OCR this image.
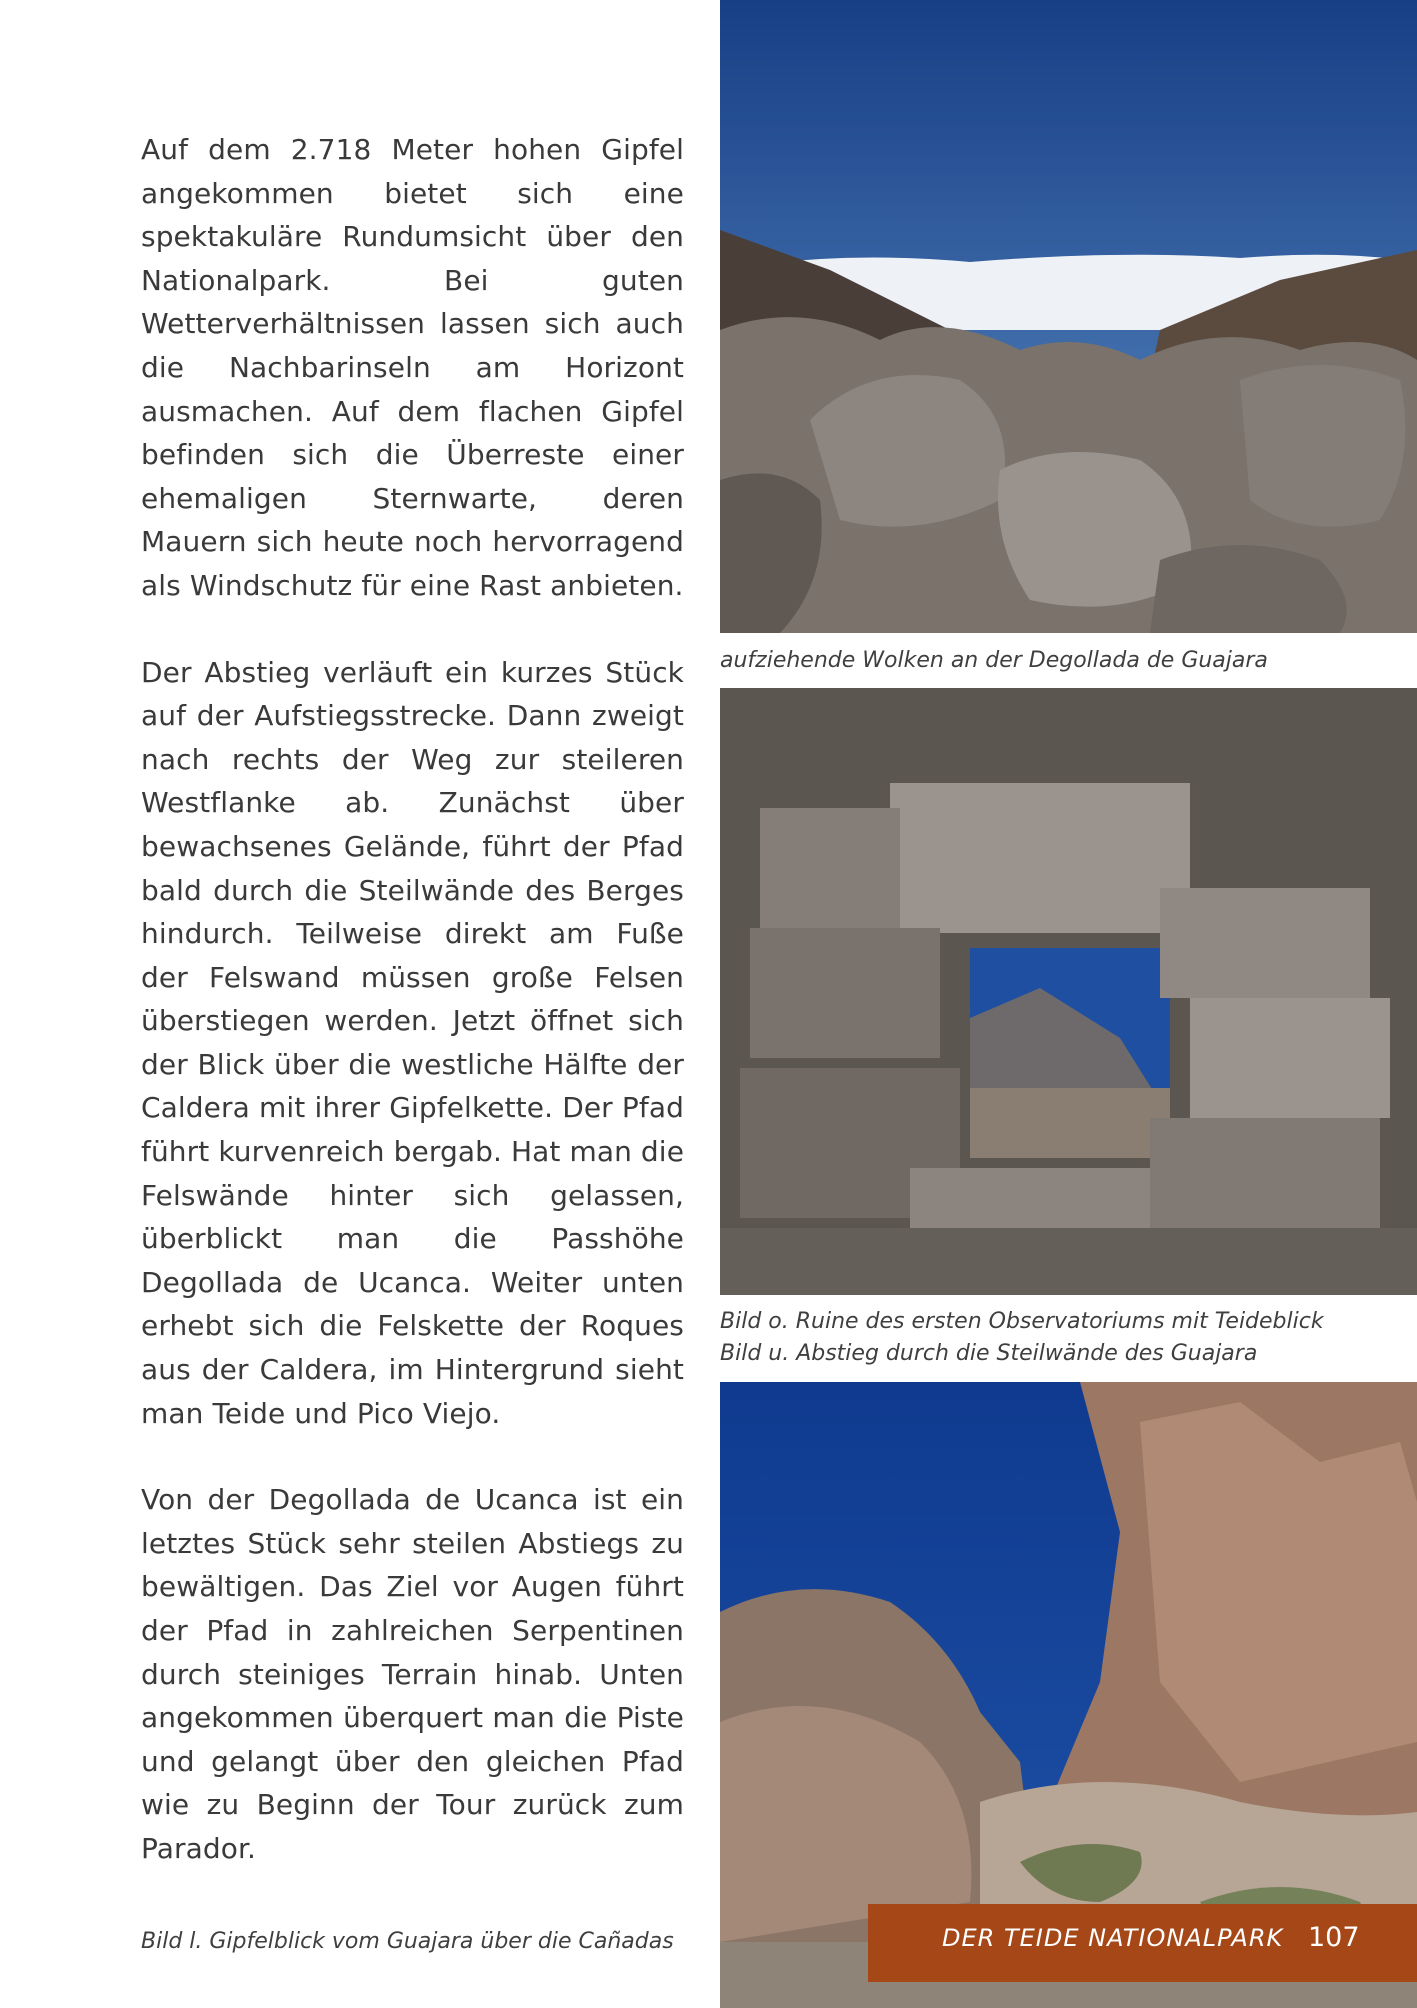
Auf dem 2.718 Meter hohen Gipfel angekommen bietet sich eine spektakuläre Rundumsicht über den Nationalpark. Bei guten Wetterverhältnissen lassen sich auch die Nachbarinseln am Horizont ausmachen. Auf dem flachen Gipfel befinden sich die Überreste einer ehemaligen Sternwarte, deren Mauern sich heute noch hervorragend als Windschutz für eine Rast anbieten.

Der Abstieg verläuft ein kurzes Stück auf der Aufstiegsstrecke. Dann zweigt nach rechts der Weg zur steileren Westflanke ab. Zunächst über bewachsenes Gelände, führt der Pfad bald durch die Steilwände des Berges hindurch. Teilweise direkt am Fuße der Felswand müssen große Felsen überstiegen werden. Jetzt öffnet sich der Blick über die westliche Hälfte der Caldera mit ihrer Gipfelkette. Der Pfad führt kurvenreich bergab. Hat man die Felswände hinter sich gelassen, überblickt man die Passhöhe Degollada de Ucanca. Weiter unten erhebt sich die Felskette der Roques aus der Caldera, im Hintergrund sieht man Teide und Pico Viejo.

Von der Degollada de Ucanca ist ein letztes Stück sehr steilen Abstiegs zu bewältigen. Das Ziel vor Augen führt der Pfad in zahlreichen Serpentinen durch steiniges Terrain hinab. Unten angekommen überquert man die Piste und gelangt über den gleichen Pfad wie zu Beginn der Tour zurück zum Parador.

aufziehende Wolken an der Degollada de Guajara
Bild o. Ruine des ersten Observatoriums mit Teideblick
Bild u. Abstieg durch die Steilwände des Guajara
Bild l. Gipfelblick vom Guajara über die Cañadas	DER TEIDE NATIONALPARK 107
